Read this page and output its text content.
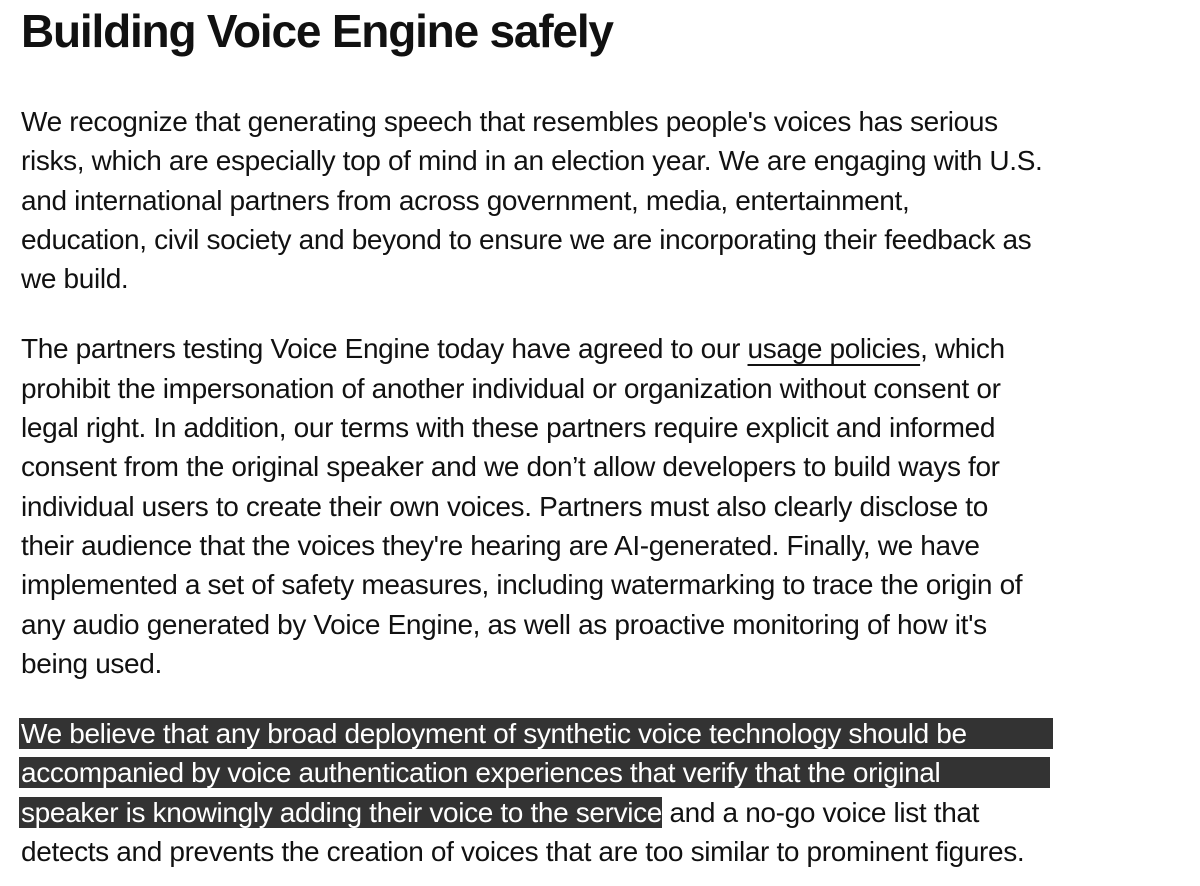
Building Voice Engine safely

We recognize that generating speech that resembles people's voices has serious
risks, which are especially top of mind in an election year. We are engaging with U.S.
and international partners from across government, media, entertainment,
education, civil society and beyond to ensure we are incorporating their feedback as
we build.

The partners testing Voice Engine today have agreed to our usage policies, which
prohibit the impersonation of another individual or organization without consent or
legal right. In addition, our terms with these partners require explicit and informed
consent from the original speaker and we don’t allow developers to build ways for
individual users to create their own voices. Partners must also clearly disclose to
their audience that the voices they're hearing are AI-generated. Finally, we have
implemented a set of safety measures, including watermarking to trace the origin of
any audio generated by Voice Engine, as well as proactive monitoring of how it's
being used.

We believe that any broad deployment of synthetic voice technology should be
accompanied by voice authentication experiences that verify that the original
speaker is knowingly adding their voice to the service and a no-go voice list that
detects and prevents the creation of voices that are too similar to prominent figures.
